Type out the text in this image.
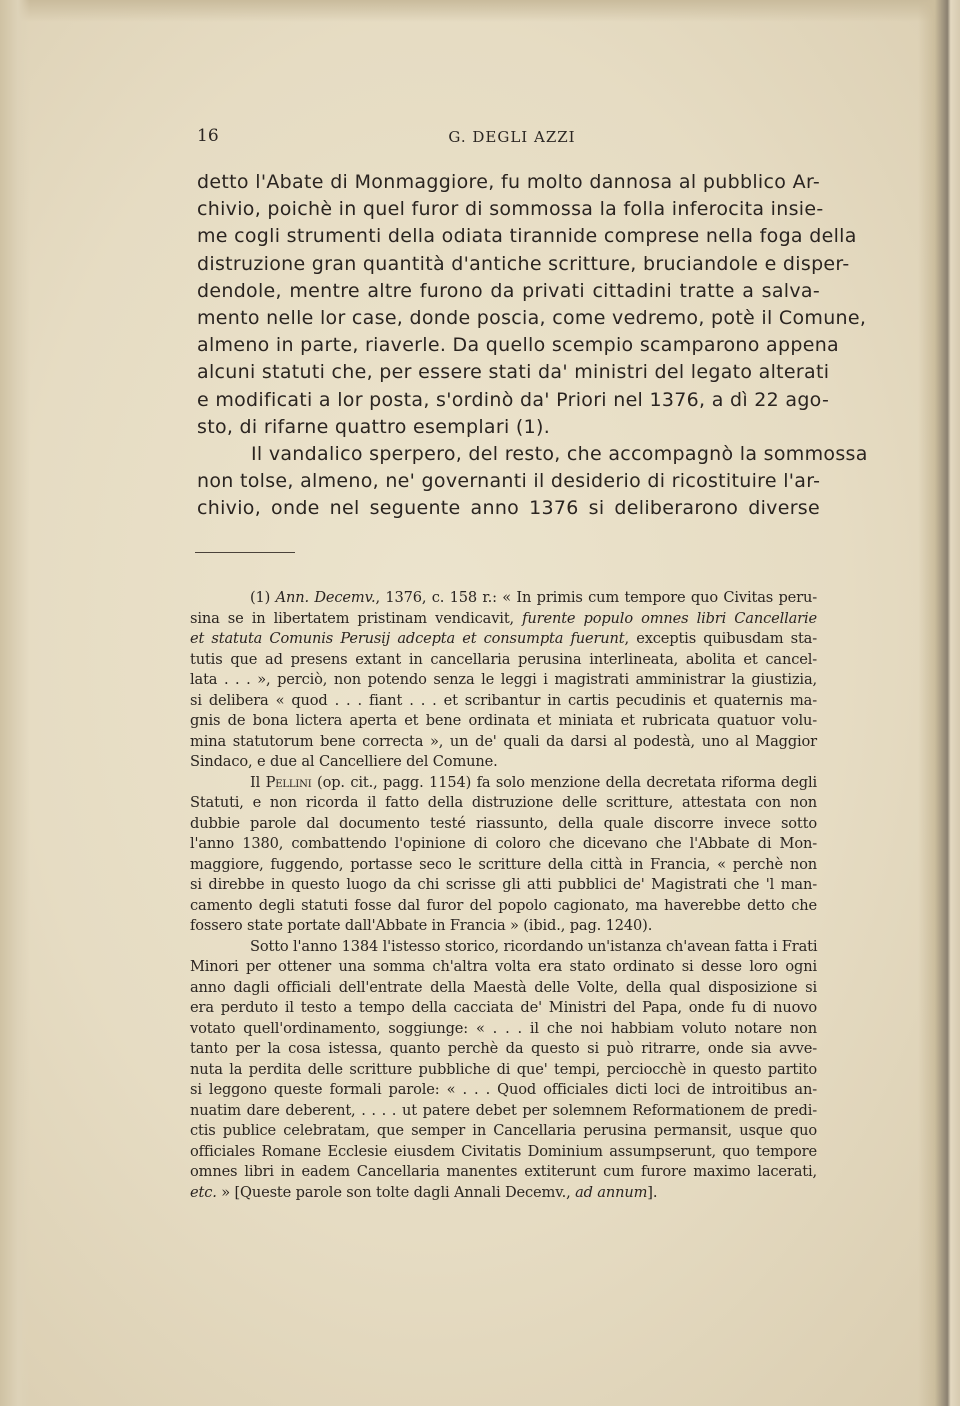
16	G. DEGLI AZZI
detto l'Abate di Monmaggiore, fu molto dannosa al pubblico Ar-
chivio, poichè in quel furor di sommossa la folla inferocita insie-
me cogli strumenti della odiata tirannide comprese nella foga della
distruzione gran quantità d'antiche scritture, bruciandole e disper-
dendole, mentre altre furono da privati cittadini tratte a salva-
mento nelle lor case, donde poscia, come vedremo, potè il Comune,
almeno in parte, riaverle. Da quello scempio scamparono appena
alcuni statuti che, per essere stati da' ministri del legato alterati
e modificati a lor posta, s'ordinò da' Priori nel 1376, a dì 22 ago-
sto, di rifarne quattro esemplari (1).
Il vandalico sperpero, del resto, che accompagnò la sommossa
non tolse, almeno, ne' governanti il desiderio di ricostituire l'ar-
chivio, onde nel seguente anno 1376 si deliberarono diverse
(1) Ann. Decemv., 1376, c. 158 r.: « In primis cum tempore quo Civitas peru-
sina se in libertatem pristinam vendicavit, furente populo omnes libri Cancellarie
et statuta Comunis Perusij adcepta et consumpta fuerunt, exceptis quibusdam sta-
tutis que ad presens extant in cancellaria perusina interlineata, abolita et cancel-
lata . . . », perciò, non potendo senza le leggi i magistrati amministrar la giustizia,
si delibera « quod . . . fiant . . . et scribantur in cartis pecudinis et quaternis ma-
gnis de bona lictera aperta et bene ordinata et miniata et rubricata quatuor volu-
mina statutorum bene correcta », un de' quali da darsi al podestà, uno al Maggior
Sindaco, e due al Cancelliere del Comune.
Il Pellini (op. cit., pagg. 1154) fa solo menzione della decretata riforma degli
Statuti, e non ricorda il fatto della distruzione delle scritture, attestata con non
dubbie parole dal documento testé riassunto, della quale discorre invece sotto
l'anno 1380, combattendo l'opinione di coloro che dicevano che l'Abbate di Mon-
maggiore, fuggendo, portasse seco le scritture della città in Francia, « perchè non
si direbbe in questo luogo da chi scrisse gli atti pubblici de' Magistrati che 'l man-
camento degli statuti fosse dal furor del popolo cagionato, ma haverebbe detto che
fossero state portate dall'Abbate in Francia » (ibid., pag. 1240).
Sotto l'anno 1384 l'istesso storico, ricordando un'istanza ch'avean fatta i Frati
Minori per ottener una somma ch'altra volta era stato ordinato si desse loro ogni
anno dagli officiali dell'entrate della Maestà delle Volte, della qual disposizione si
era perduto il testo a tempo della cacciata de' Ministri del Papa, onde fu di nuovo
votato quell'ordinamento, soggiunge: « . . . il che noi habbiam voluto notare non
tanto per la cosa istessa, quanto perchè da questo si può ritrarre, onde sia avve-
nuta la perdita delle scritture pubbliche di que' tempi, perciocchè in questo partito
si leggono queste formali parole: « . . . Quod officiales dicti loci de introitibus an-
nuatim dare deberent, . . . . ut patere debet per solemnem Reformationem de predi-
ctis publice celebratam, que semper in Cancellaria perusina permansit, usque quo
officiales Romane Ecclesie eiusdem Civitatis Dominium assumpserunt, quo tempore
omnes libri in eadem Cancellaria manentes extiterunt cum furore maximo lacerati,
etc. » [Queste parole son tolte dagli Annali Decemv., ad annum].
